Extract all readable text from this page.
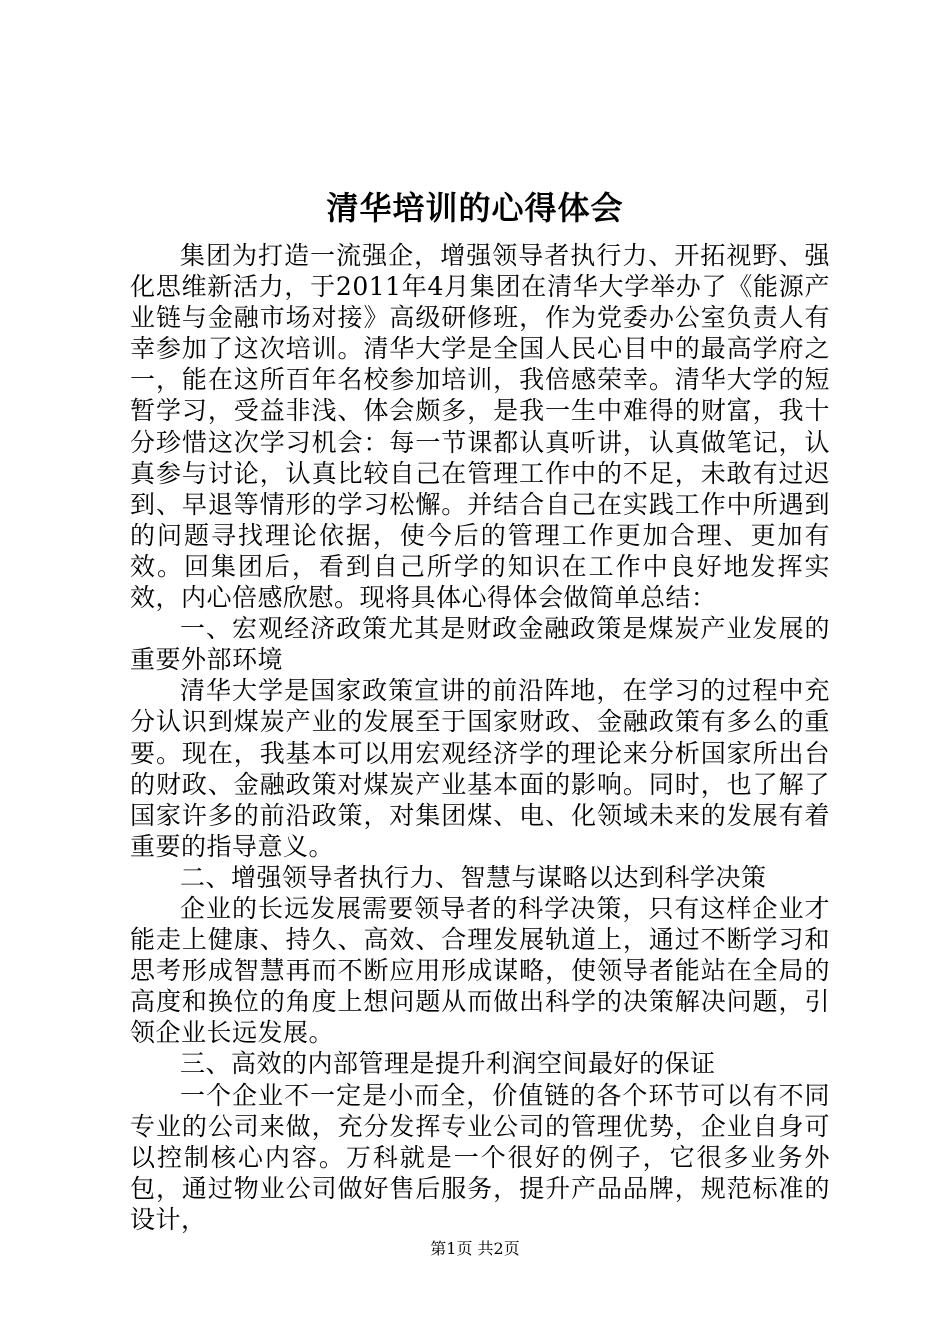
清华培训的心得体会

集团为打造一流强企，增强领导者执行力、开拓视野、强化思维新活力，于2011年4月集团在清华大学举办了《能源产业链与金融市场对接》高级研修班，作为党委办公室负责人有幸参加了这次培训。清华大学是全国人民心目中的最高学府之一，能在这所百年名校参加培训，我倍感荣幸。清华大学的短暂学习，受益非浅、体会颇多，是我一生中难得的财富，我十分珍惜这次学习机会：每一节课都认真听讲，认真做笔记，认真参与讨论，认真比较自己在管理工作中的不足，未敢有过迟到、早退等情形的学习松懈。并结合自己在实践工作中所遇到的问题寻找理论依据，使今后的管理工作更加合理、更加有效。回集团后，看到自己所学的知识在工作中良好地发挥实效，内心倍感欣慰。现将具体心得体会做简单总结：

一、宏观经济政策尤其是财政金融政策是煤炭产业发展的重要外部环境

清华大学是国家政策宣讲的前沿阵地，在学习的过程中充分认识到煤炭产业的发展至于国家财政、金融政策有多么的重要。现在，我基本可以用宏观经济学的理论来分析国家所出台的财政、金融政策对煤炭产业基本面的影响。同时，也了解了国家许多的前沿政策，对集团煤、电、化领域未来的发展有着重要的指导意义。

二、增强领导者执行力、智慧与谋略以达到科学决策

企业的长远发展需要领导者的科学决策，只有这样企业才能走上健康、持久、高效、合理发展轨道上，通过不断学习和思考形成智慧再而不断应用形成谋略，使领导者能站在全局的高度和换位的角度上想问题从而做出科学的决策解决问题，引领企业长远发展。

三、高效的内部管理是提升利润空间最好的保证

一个企业不一定是小而全，价值链的各个环节可以有不同专业的公司来做，充分发挥专业公司的管理优势，企业自身可以控制核心内容。万科就是一个很好的例子，它很多业务外包，通过物业公司做好售后服务，提升产品品牌，规范标准的设计，

第1页 共2页
